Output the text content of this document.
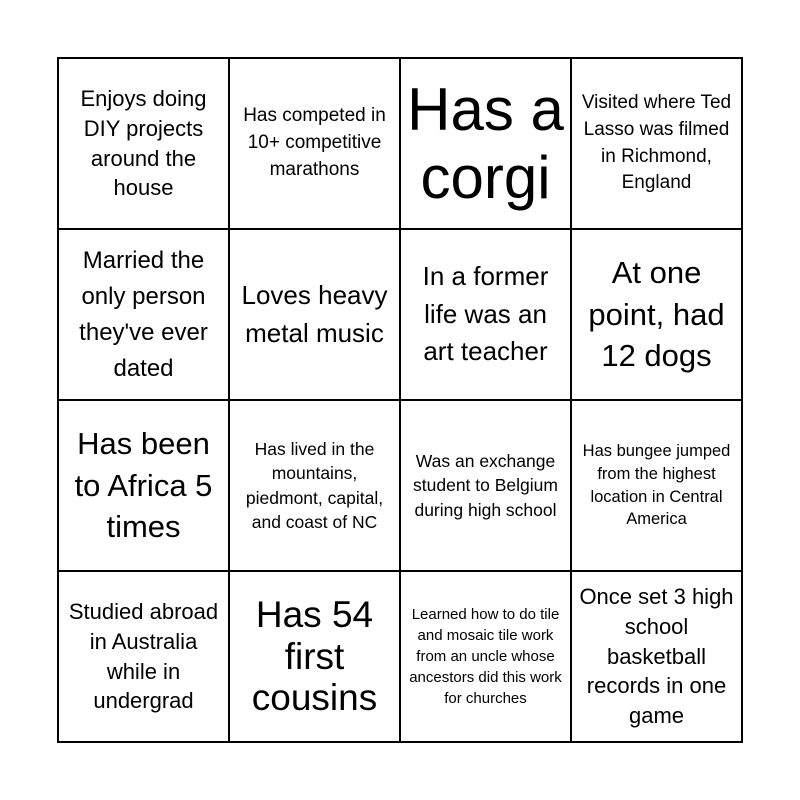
Enjoys doing DIY projects around the house
Has competed in 10+ competitive marathons
Has a corgi
Visited where Ted Lasso was filmed in Richmond, England
Married the only person they've ever dated
Loves heavy metal music
In a former life was an art teacher
At one point, had 12 dogs
Has been to Africa 5 times
Has lived in the mountains, piedmont, capital, and coast of NC
Was an exchange student to Belgium during high school
Has bungee jumped from the highest location in Central America
Studied abroad in Australia while in undergrad
Has 54 first cousins
Learned how to do tile and mosaic tile work from an uncle whose ancestors did this work for churches
Once set 3 high school basketball records in one game
